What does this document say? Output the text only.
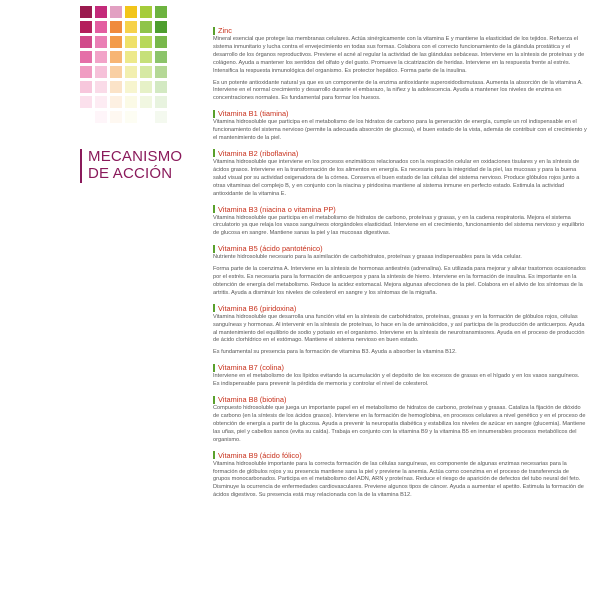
MECANISMO
DE ACCIÓN
Zinc

Mineral esencial que protege las membranas celulares. Actúa sinérgicamente con la vitamina E y mantiene la elasticidad de los tejidos. Refuerza el sistema inmunitario y lucha contra el envejecimiento en todas sus formas. Colabora con el correcto funcionamiento de la glándula prostática y el desarrollo de los órganos reproductivos. Previene el acné al regular la actividad de las glándulas sebáceas. Interviene en la síntesis de proteínas y de colágeno. Ayuda a mantener los sentidos del olfato y del gusto. Promueve la cicatrización de heridas. Interviene en la respuesta frente al estrés. Intensifica la respuesta inmunológica del organismo. Es protector hepático. Forma parte de la insulina.

Es un potente antioxidante natural ya que es un componente de la enzima antioxidante superoxidodismutasa. Aumenta la absorción de la vitamina A. Interviene en el normal crecimiento y desarrollo durante el embarazo, la niñez y la adolescencia. Ayuda a mantener los niveles de enzima en concentraciones normales. Es fundamental para formar los huesos.

Vitamina B1 (tiamina)

Vitamina hidrosoluble que participa en el metabolismo de los hidratos de carbono para la generación de energía, cumple un rol indispensable en el funcionamiento del sistema nervioso (permite la adecuada absorción de glucosa), el buen estado de la vista, además de contribuir con el crecimiento y el mantenimiento de la piel.

Vitamina B2 (riboflavina)

Vitamina hidrosoluble que interviene en los procesos enzimáticos relacionados con la respiración celular en oxidaciones tisulares y en la síntesis de ácidos grasos. Interviene en la transformación de los alimentos en energía. Es necesaria para la integridad de la piel, las mucosas y para la buena salud visual por su actividad oxigenadora de la córnea. Conserva el buen estado de las células del sistema nervioso. Produce glóbulos rojos junto a otras vitaminas del complejo B, y en conjunto con la niacina y piridoxina mantiene al sistema inmune en perfecto estado. Estimula la actividad antioxidante de la vitamina E.

Vitamina B3 (niacina o vitamina PP)

Vitamina hidrosoluble que participa en el metabolismo de hidratos de carbono, proteínas y grasas, y en la cadena respiratoria. Mejora el sistema circulatorio ya que relaja los vasos sanguíneos otorgándoles elasticidad. Interviene en el crecimiento, funcionamiento del sistema nervioso y equilibrio de glucosa en sangre. Mantiene sanas la piel y las mucosas digestivas.

Vitamina B5 (ácido pantoténico)

Nutriente hidrosoluble necesario para la asimilación de carbohidratos, proteínas y grasas indispensables para la vida celular.

Forma parte de la coenzima A. Interviene en la síntesis de hormonas antiestrés (adrenalina). Es utilizada para mejorar y aliviar trastornos ocasionados por el estrés. Es necesaria para la formación de anticuerpos y para la síntesis de hierro. Interviene en la formación de insulina. Es importante en la obtención de energía del metabolismo. Reduce la acidez estomacal. Mejora algunas afecciones de la piel. Colabora en el alivio de los síntomas de la artritis. Ayuda a disminuir los niveles de colesterol en sangre y los síntomas de la migraña.

Vitamina B6 (piridoxina)

Vitamina hidrosoluble que desarrolla una función vital en la síntesis de carbohidratos, proteínas, grasas y en la formación de glóbulos rojos, células sanguíneas y hormonas. Al intervenir en la síntesis de proteínas, lo hace en la de aminoácidos, y así participa de la producción de anticuerpos. Ayuda al mantenimiento del equilibrio de sodio y potasio en el organismo. Interviene en la síntesis de neurotransmisores. Ayuda en el proceso de producción de ácido clorhídrico en el estómago. Mantiene el sistema nervioso en buen estado.

Es fundamental su presencia para la formación de vitamina B3. Ayuda a absorber la vitamina B12.

Vitamina B7 (colina)

Interviene en el metabolismo de los lípidos evitando la acumulación y el depósito de los excesos de grasas en el hígado y en los vasos sanguíneos. Es indispensable para prevenir la pérdida de memoria y controlar el nivel de colesterol.

Vitamina B8 (biotina)

Compuesto hidrosoluble que juega un importante papel en el metabolismo de hidratos de carbono, proteínas y grasas. Cataliza la fijación de dióxido de carbono (en la síntesis de los ácidos grasos). Interviene en la formación de hemoglobina, en procesos celulares a nivel genético y en el proceso de obtención de energía a partir de la glucosa. Ayuda a prevenir la neuropatía diabética y estabiliza los niveles de azúcar en sangre (glucemia). Mantiene las uñas, piel y cabellos sanos (evita su caída). Trabaja en conjunto con la vitamina B9 y la vitamina B5 en innumerables procesos metabólicos del organismo.

Vitamina B9 (ácido fólico)

Vitamina hidrosoluble importante para la correcta formación de las células sanguíneas, es componente de algunas enzimas necesarias para la formación de glóbulos rojos y su presencia mantiene sana la piel y previene la anemia. Actúa como coenzima en el proceso de transferencia de grupos monocarbonados. Participa en el metabolismo del ADN, ARN y proteínas. Reduce el riesgo de aparición de defectos del tubo neural del feto. Disminuye la ocurrencia de enfermedades cardiovasculares. Previene algunos tipos de cáncer. Ayuda a aumentar el apetito. Estimula la formación de ácidos digestivos. Su presencia está muy relacionada con la de la vitamina B12.
